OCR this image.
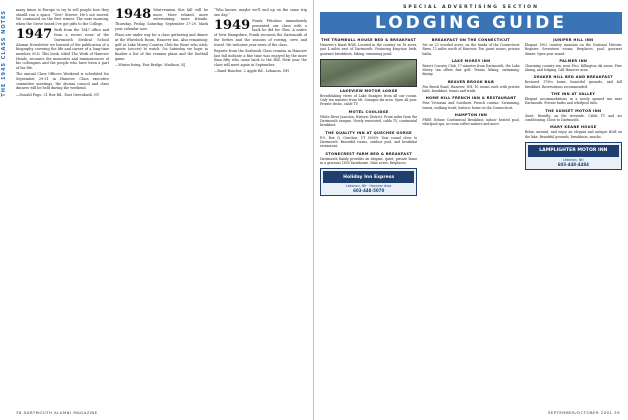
THE 1945 CLASS NOTES	many times to Europe to try to sell people how they should run a space. “One” Strowe, He’s not moved. We continued on the first winter. The next morning, when the Grove heard I’ve got gifts to the College.

1947 Both from the 1947 office and from a recent issue of the Dartmouth Medical School Alumni Newsletter we learned of the publication of a biography covering the life and career of a long-time member, M.D. This book, titled The Work of Hanover Heads, recounts the memories and reminiscences of his colleagues and the people who have been a part of his life.

The annual Class Officers Weekend is scheduled for September 29-31 in Hanover. Class executive committee meetings, the alumni council and class dinners will be held during the weekend.

—Donald Pugo, 21 Rex Rd., East Greenbush, NY

1948 Mini-reunion this fall will be more. More relaxed, more entertaining, more friends. Thursday, Friday, Saturday, September 27-29. Mark your calendar now.

Plans are under way for a class gathering and dinner at the Wheelock Room, Hanover Inn. Also remaining: golf at Lake Morey Country Club for those who wish; sports (soccer) to watch. On Saturday we hope to finalize a list of the reunion plans and the football game.

—Winter bring, Fair Bridge, Madison, NJ

“Who knows, maybe we’ll end up on the same trip one day.”

1949 Frank Pittaluso immediately presented our class with a book he did for Glen. A native of New Hampshire, Frank recounts the Dartmouth of the forties and the seasons of rowing, crew and travel. We welcome your news of the class.

Reports from the Seabrook Class reunion in Hanover last fall indicate a fine time was enjoyed by the more than fifty who came back to the Hill. Next year the class will meet again in September.

—Rand Boucher, 2 Apple Rd., Lebanon, NH

38 DARTMOUTH ALUMNI MAGAZINE
SPECIAL ADVERTISING SECTION
LODGING GUIDE
THE TRUMBULL HOUSE BED & BREAKFAST
Hanover's finest B&B. Located in the country on 16 acres, just 4 miles east of Dartmouth. Featuring king-size beds, gourmet breakfasts, hiking, swimming pond.
LAKEVIEW MOTOR LODGE
Breathtaking views of Lake Sunapee from all our rooms. Only ten minutes from Mt. Sunapee ski area. Open all year. Private decks, cable TV.
MOTEL COOLIDGE
White River Junction, Historic District. From miles from the Dartmouth campus. Newly renovated, cable TV, continental breakfast.
THE QUALITY INN AT QUECHEE GORGE
P.O. Box Q, Quechee, VT 05059. Year round close to Dartmouth. Beautiful rooms, outdoor pool, and breakfast restaurant.
STONECREST FARM BED & BREAKFAST
Dartmouth family provides an elegant, quiet, private home in a gracious 1810 farmhouse. Nine acres, fireplaces.
Holiday Inn Express
Lebanon, NH · Hanover Area
603-448-5070
BREAKFAST ON THE CONNECTICUT
Set on 23 wooded acres, on the banks of the Connecticut River, 12 miles north of Hanover. Ten guest rooms, private baths.
LAKE MOREY INN
Resort Country Club, 17 minutes from Dartmouth, the Lake Morey Inn offers fine golf. Tennis, hiking, swimming, dining.
BEAVER BROOK B&B
Fox Brook Road, Hanover, NH. 10 rooms each with private bath, breakfast, tennis and trails.
HOME HILL FRENCH INN & RESTAURANT
Fine Victorian and Southern French cuisine. Swimming, tennis, walking trails, historic home on the Connecticut.
HAMPTON INN
FREE Deluxe Continental Breakfast, indoor heated pool, whirlpool spa, in-room coffee makers and more.
JUNIPER HILL INN
Elegant 1902 country mansion on the National Historic Register. Seventeen rooms, fireplaces, pool, gourmet dinner. Open year round.
PALMER INN
Charming country inn, near Pico, Killington ski areas. Fine dining, and lodging. Call Hanover area.
SHAKER HILL BED AND BREAKFAST
Restored 1790s home, beautiful grounds, and full breakfast. Reservations recommended.
THE INN AT VALLEY
Elegant accommodations in a newly opened inn near Dartmouth. Private baths and whirlpool tubs.
THE SUNSET MOTOR INN
Quiet, friendly, on the riverside. Cable TV and air conditioning. Close to Dartmouth.
MARY KEANE HOUSE
Relax, unwind, and enjoy an elegant and antique B&B on the lake. Beautiful grounds, breakfasts, snacks.
LAMPLIGHTER MOTOR INN
Lebanon, NH
603-448-4484
SEPTEMBER/OCTOBER 2001 39
